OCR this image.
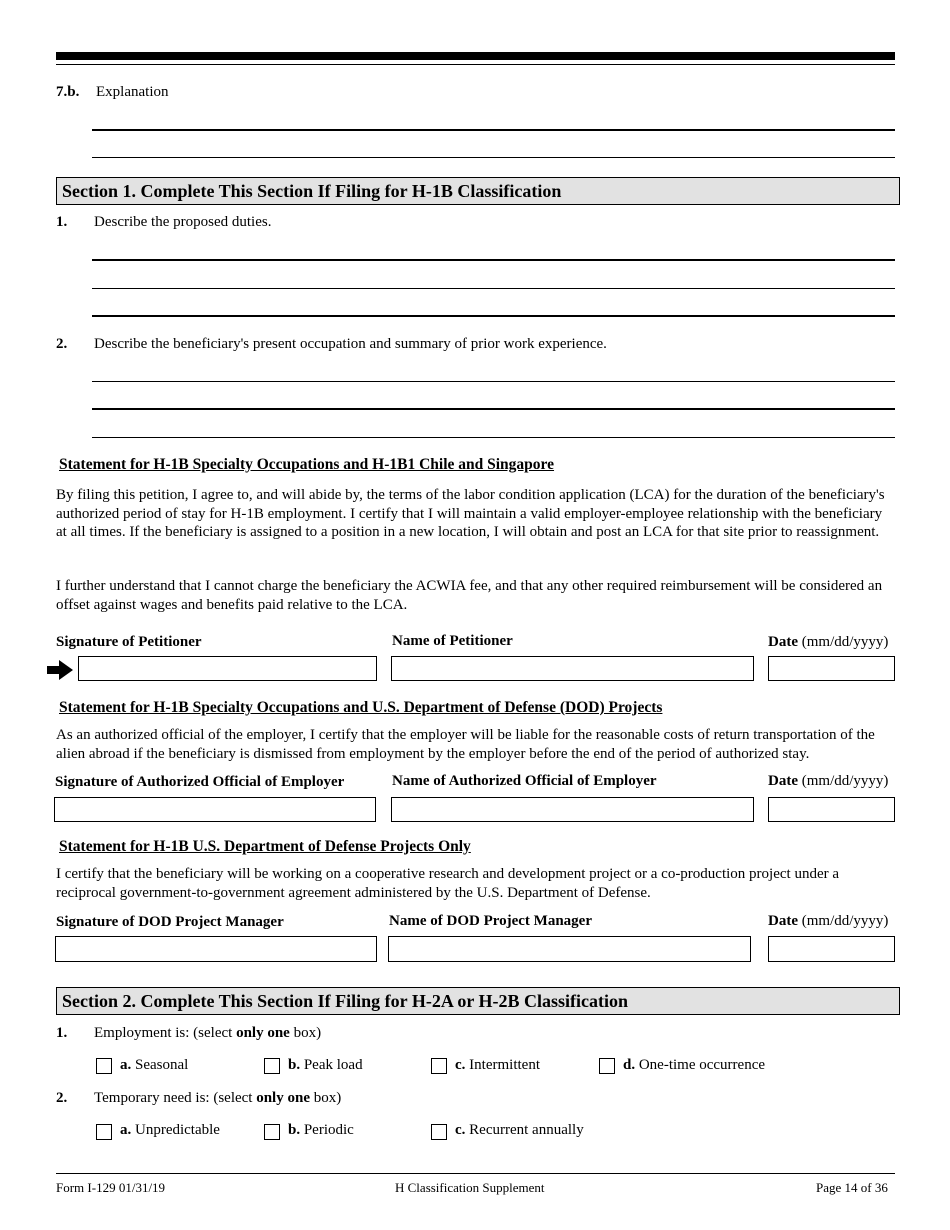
7.b. Explanation
Section 1. Complete This Section If Filing for H-1B Classification
1. Describe the proposed duties.
2. Describe the beneficiary's present occupation and summary of prior work experience.
Statement for H-1B Specialty Occupations and H-1B1 Chile and Singapore
By filing this petition, I agree to, and will abide by, the terms of the labor condition application (LCA) for the duration of the beneficiary's authorized period of stay for H-1B employment. I certify that I will maintain a valid employer-employee relationship with the beneficiary at all times. If the beneficiary is assigned to a position in a new location, I will obtain and post an LCA for that site prior to reassignment.
I further understand that I cannot charge the beneficiary the ACWIA fee, and that any other required reimbursement will be considered an offset against wages and benefits paid relative to the LCA.
Signature of Petitioner	Name of Petitioner	Date (mm/dd/yyyy)
Statement for H-1B Specialty Occupations and U.S. Department of Defense (DOD) Projects
As an authorized official of the employer, I certify that the employer will be liable for the reasonable costs of return transportation of the alien abroad if the beneficiary is dismissed from employment by the employer before the end of the period of authorized stay.
Signature of Authorized Official of Employer	Name of Authorized Official of Employer	Date (mm/dd/yyyy)
Statement for H-1B U.S. Department of Defense Projects Only
I certify that the beneficiary will be working on a cooperative research and development project or a co-production project under a reciprocal government-to-government agreement administered by the U.S. Department of Defense.
Signature of DOD Project Manager	Name of DOD Project Manager	Date (mm/dd/yyyy)
Section 2. Complete This Section If Filing for H-2A or H-2B Classification
1. Employment is: (select only one box)
a. Seasonal	b. Peak load	c. Intermittent	d. One-time occurrence
2. Temporary need is: (select only one box)
a. Unpredictable	b. Periodic	c. Recurrent annually
Form I-129 01/31/19	H Classification Supplement	Page 14 of 36
